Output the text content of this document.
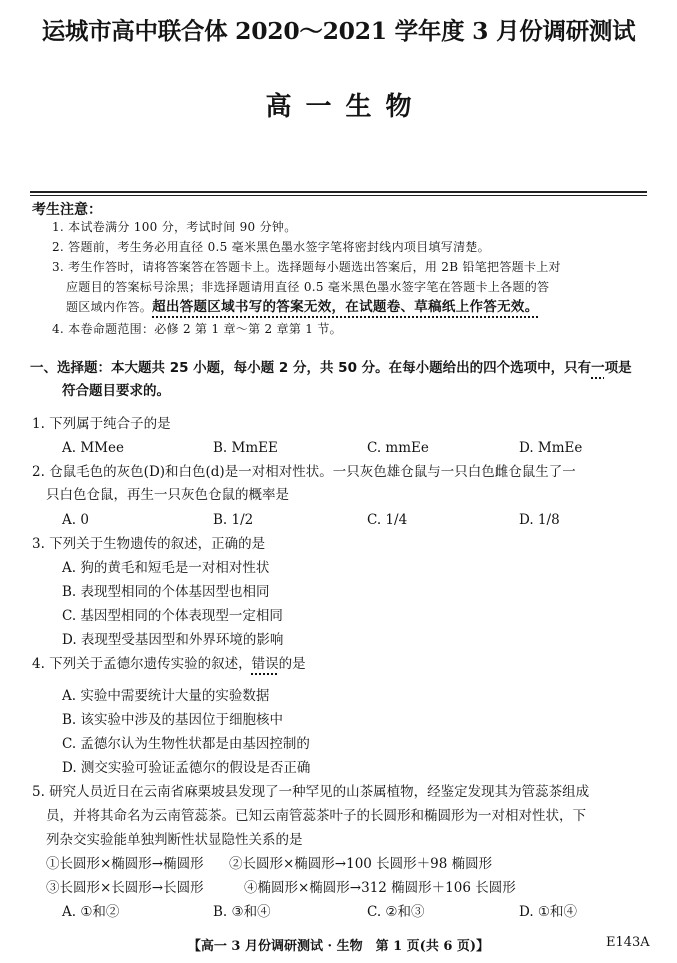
运城市高中联合体 2020～2021 学年度 3 月份调研测试
高一生物
考生注意：
1. 本试卷满分 100 分，考试时间 90 分钟。
2. 答题前，考生务必用直径 0.5 毫米黑色墨水签字笔将密封线内项目填写清楚。
3. 考生作答时，请将答案答在答题卡上。选择题每小题选出答案后，用 2B 铅笔把答题卡上对
应题目的答案标号涂黑；非选择题请用直径 0.5 毫米黑色墨水签字笔在答题卡上各题的答
题区域内作答。超出答题区域书写的答案无效，在试题卷、草稿纸上作答无效。
4. 本卷命题范围：必修 2 第 1 章～第 2 章第 1 节。
一、选择题：本大题共 25 小题，每小题 2 分，共 50 分。在每小题给出的四个选项中，只有一项是
符合题目要求的。
1. 下列属于纯合子的是
A. MMee	B. MmEE	C. mmEe	D. MmEe
2. 仓鼠毛色的灰色(D)和白色(d)是一对相对性状。一只灰色雄仓鼠与一只白色雌仓鼠生了一
只白色仓鼠，再生一只灰色仓鼠的概率是
A. 0	B. 1/2	C. 1/4	D. 1/8
3. 下列关于生物遗传的叙述，正确的是
A. 狗的黄毛和短毛是一对相对性状
B. 表现型相同的个体基因型也相同
C. 基因型相同的个体表现型一定相同
D. 表现型受基因型和外界环境的影响
4. 下列关于孟德尔遗传实验的叙述，错误的是
A. 实验中需要统计大量的实验数据
B. 该实验中涉及的基因位于细胞核中
C. 孟德尔认为生物性状都是由基因控制的
D. 测交实验可验证孟德尔的假设是否正确
5. 研究人员近日在云南省麻栗坡县发现了一种罕见的山茶属植物，经鉴定发现其为管蕊茶组成
员，并将其命名为云南管蕊茶。已知云南管蕊茶叶子的长圆形和椭圆形为一对相对性状，下
列杂交实验能单独判断性状显隐性关系的是
①长圆形×椭圆形→椭圆形 ②长圆形×椭圆形→100 长圆形＋98 椭圆形
③长圆形×长圆形→长圆形	④椭圆形×椭圆形→312 椭圆形＋106 长圆形
A. ①和②	B. ③和④	C. ②和③	D. ①和④
【高一 3 月份调研测试 · 生物　第 1 页(共 6 页)】	E143A
